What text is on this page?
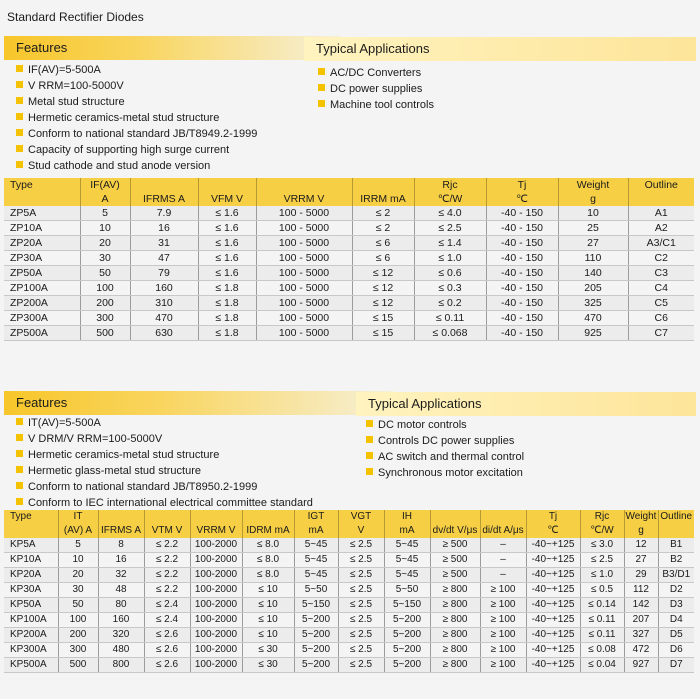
Standard Rectifier Diodes
Features	Typical Applications
IF(AV)=5-500A
V RRM=100-5000V
Metal stud structure
Hermetic ceramics-metal stud structure
Conform to national standard JB/T8949.2-1999
Capacity of supporting high surge current
Stud cathode and stud anode version
AC/DC Converters
DC power supplies
Machine tool controls
Type	IF(AV)					Rjc	Tj	Weight	Outline
	A	IFRMS A	VFM V	VRRM V	IRRM mA	℃/W	℃	g	
ZP5A	5	7.9	≤ 1.6	100 - 5000	≤ 2	≤ 4.0	-40 - 150	10	A1
ZP10A	10	16	≤ 1.6	100 - 5000	≤ 2	≤ 2.5	-40 - 150	25	A2
ZP20A	20	31	≤ 1.6	100 - 5000	≤ 6	≤ 1.4	-40 - 150	27	A3/C1
ZP30A	30	47	≤ 1.6	100 - 5000	≤ 6	≤ 1.0	-40 - 150	110	C2
ZP50A	50	79	≤ 1.6	100 - 5000	≤ 12	≤ 0.6	-40 - 150	140	C3
ZP100A	100	160	≤ 1.8	100 - 5000	≤ 12	≤ 0.3	-40 - 150	205	C4
ZP200A	200	310	≤ 1.8	100 - 5000	≤ 12	≤ 0.2	-40 - 150	325	C5
ZP300A	300	470	≤ 1.8	100 - 5000	≤ 15	≤ 0.11	-40 - 150	470	C6
ZP500A	500	630	≤ 1.8	100 - 5000	≤ 15	≤ 0.068	-40 - 150	925	C7
Features	Typical Applications
IT(AV)=5-500A
V DRM/V RRM=100-5000V
Hermetic ceramics-metal stud structure
Hermetic glass-metal stud structure
Conform to national standard JB/T8950.2-1999
Conform to IEC international electrical committee standard
DC motor controls
Controls DC power supplies
AC switch and thermal control
Synchronous motor excitation
Type	IT					IGT	VGT	IH			Tj	Rjc	Weight	Outline
	(AV) A	IFRMS A	VTM V	VRRM V	IDRM mA	mA	V	mA	dv/dt V/μs	di/dt A/μs	℃	℃/W	g	
KP5A	5	8	≤ 2.2	100-2000	≤ 8.0	5~45	≤ 2.5	5~45	≥ 500	–	-40~+125	≤ 3.0	12	B1
KP10A	10	16	≤ 2.2	100-2000	≤ 8.0	5~45	≤ 2.5	5~45	≥ 500	–	-40~+125	≤ 2.5	27	B2
KP20A	20	32	≤ 2.2	100-2000	≤ 8.0	5~45	≤ 2.5	5~45	≥ 500	–	-40~+125	≤ 1.0	29	B3/D1
KP30A	30	48	≤ 2.2	100-2000	≤ 10	5~50	≤ 2.5	5~50	≥ 800	≥ 100	-40~+125	≤ 0.5	112	D2
KP50A	50	80	≤ 2.4	100-2000	≤ 10	5~150	≤ 2.5	5~150	≥ 800	≥ 100	-40~+125	≤ 0.14	142	D3
KP100A	100	160	≤ 2.4	100-2000	≤ 10	5~200	≤ 2.5	5~200	≥ 800	≥ 100	-40~+125	≤ 0.11	207	D4
KP200A	200	320	≤ 2.6	100-2000	≤ 10	5~200	≤ 2.5	5~200	≥ 800	≥ 100	-40~+125	≤ 0.11	327	D5
KP300A	300	480	≤ 2.6	100-2000	≤ 30	5~200	≤ 2.5	5~200	≥ 800	≥ 100	-40~+125	≤ 0.08	472	D6
KP500A	500	800	≤ 2.6	100-2000	≤ 30	5~200	≤ 2.5	5~200	≥ 800	≥ 100	-40~+125	≤ 0.04	927	D7
